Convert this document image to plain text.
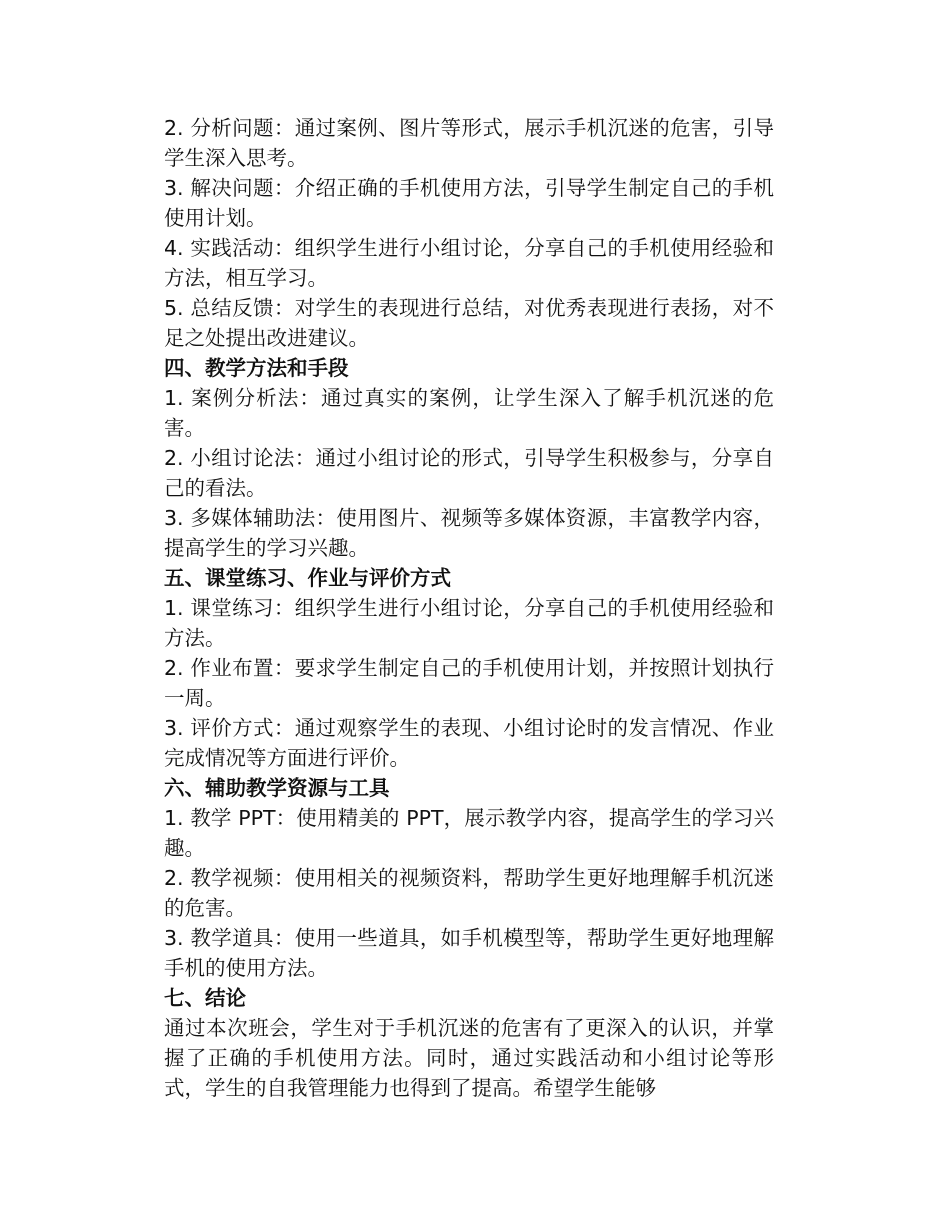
2. 分析问题：通过案例、图片等形式，展示手机沉迷的危害，引导学生深入思考。

3. 解决问题：介绍正确的手机使用方法，引导学生制定自己的手机使用计划。

4. 实践活动：组织学生进行小组讨论，分享自己的手机使用经验和方法，相互学习。

5. 总结反馈：对学生的表现进行总结，对优秀表现进行表扬，对不足之处提出改进建议。

四、教学方法和手段

1. 案例分析法：通过真实的案例，让学生深入了解手机沉迷的危害。

2. 小组讨论法：通过小组讨论的形式，引导学生积极参与，分享自己的看法。

3. 多媒体辅助法：使用图片、视频等多媒体资源，丰富教学内容，提高学生的学习兴趣。

五、课堂练习、作业与评价方式

1. 课堂练习：组织学生进行小组讨论，分享自己的手机使用经验和方法。

2. 作业布置：要求学生制定自己的手机使用计划，并按照计划执行一周。

3. 评价方式：通过观察学生的表现、小组讨论时的发言情况、作业完成情况等方面进行评价。

六、辅助教学资源与工具

1. 教学 PPT：使用精美的 PPT，展示教学内容，提高学生的学习兴趣。

2. 教学视频：使用相关的视频资料，帮助学生更好地理解手机沉迷的危害。

3. 教学道具：使用一些道具，如手机模型等，帮助学生更好地理解手机的使用方法。

七、结论

通过本次班会，学生对于手机沉迷的危害有了更深入的认识，并掌握了正确的手机使用方法。同时，通过实践活动和小组讨论等形式，学生的自我管理能力也得到了提高。希望学生能够
